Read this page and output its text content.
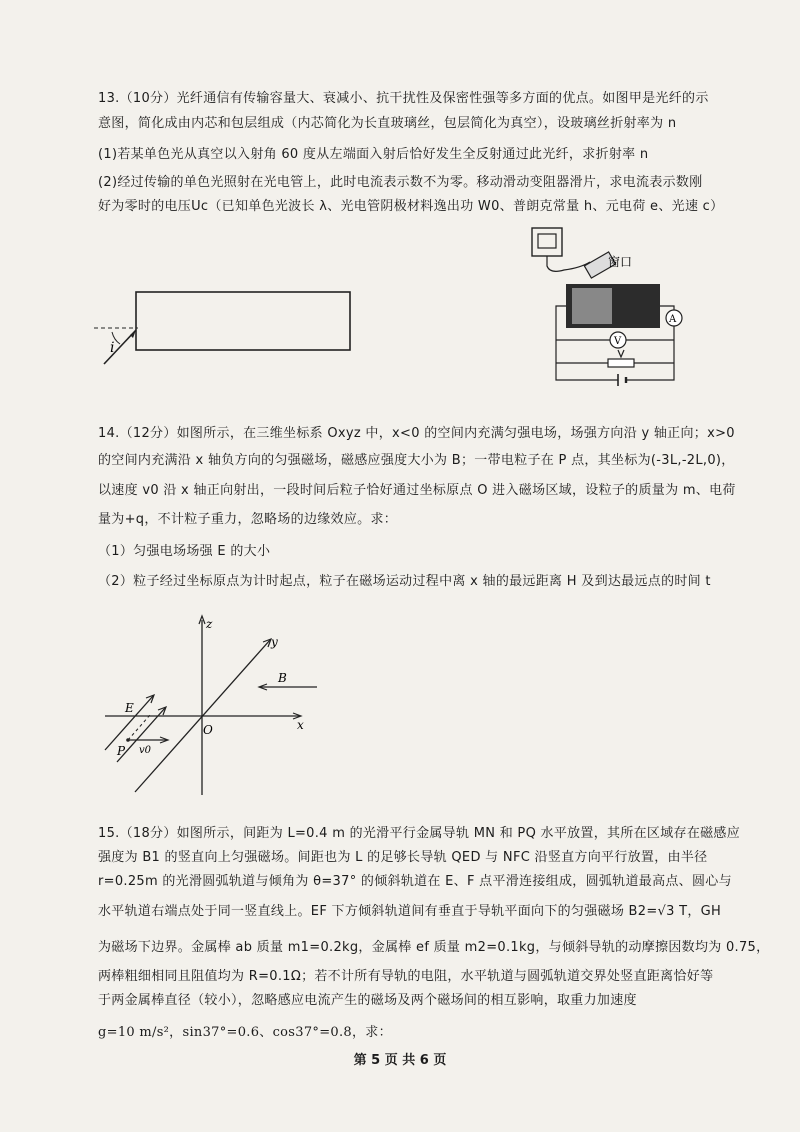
13.（10分）光纤通信有传输容量大、衰减小、抗干扰性及保密性强等多方面的优点。如图甲是光纤的示
意图，简化成由内芯和包层组成（内芯简化为长直玻璃丝，包层简化为真空），设玻璃丝折射率为 n
(1)若某单色光从真空以入射角 60 度从左端面入射后恰好发生全反射通过此光纤，求折射率 n
(2)经过传输的单色光照射在光电管上，此时电流表示数不为零。移动滑动变阻器滑片，求电流表示数刚
好为零时的电压Uc（已知单色光波长 λ、光电管阴极材料逸出功 W0、普朗克常量 h、元电荷 e、光速 c）
i
窗口
A
V
14.（12分）如图所示，在三维坐标系 Oxyz 中，x<0 的空间内充满匀强电场，场强方向沿 y 轴正向；x>0
的空间内充满沿 x 轴负方向的匀强磁场，磁感应强度大小为 B；一带电粒子在 P 点，其坐标为(-3L,-2L,0)，
以速度 v0 沿 x 轴正向射出，一段时间后粒子恰好通过坐标原点 O 进入磁场区域，设粒子的质量为 m、电荷
量为+q，不计粒子重力，忽略场的边缘效应。求：
（1）匀强电场场强 E 的大小
（2）粒子经过坐标原点为计时起点，粒子在磁场运动过程中离 x 轴的最远距离 H 及到达最远点的时间 t
z
y
x
O
B
E
P v0
15.（18分）如图所示，间距为 L=0.4 m 的光滑平行金属导轨 MN 和 PQ 水平放置，其所在区域存在磁感应
强度为 B1 的竖直向上匀强磁场。间距也为 L 的足够长导轨 QED 与 NFC 沿竖直方向平行放置，由半径
r=0.25m 的光滑圆弧轨道与倾角为 θ=37° 的倾斜轨道在 E、F 点平滑连接组成，圆弧轨道最高点、圆心与
水平轨道右端点处于同一竖直线上。EF 下方倾斜轨道间有垂直于导轨平面向下的匀强磁场 B2=√3 T，GH
为磁场下边界。金属棒 ab 质量 m1=0.2kg，金属棒 ef 质量 m2=0.1kg，与倾斜导轨的动摩擦因数均为 0.75，
两棒粗细相同且阻值均为 R=0.1Ω；若不计所有导轨的电阻，水平轨道与圆弧轨道交界处竖直距离恰好等
于两金属棒直径（较小），忽略感应电流产生的磁场及两个磁场间的相互影响，取重力加速度
g=10 m/s²，sin37°=0.6、cos37°=0.8，求：
第 5 页 共 6 页
